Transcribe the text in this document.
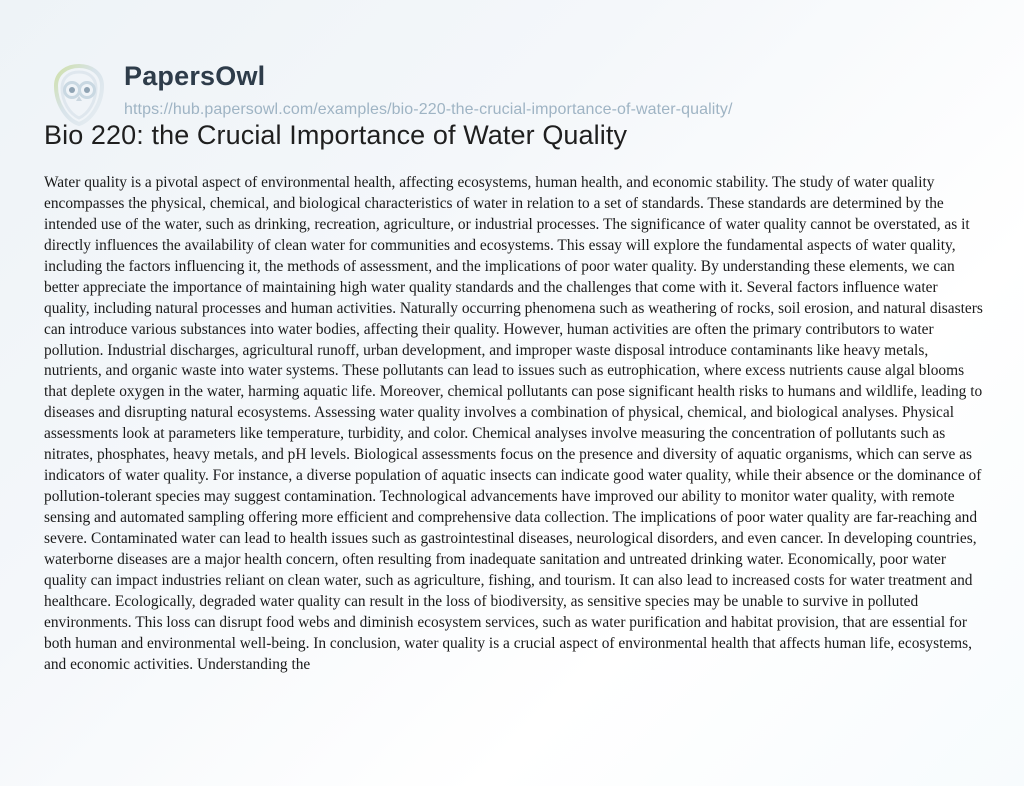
PapersOwl
https://hub.papersowl.com/examples/bio-220-the-crucial-importance-of-water-quality/
Bio 220: the Crucial Importance of Water Quality
Water quality is a pivotal aspect of environmental health, affecting ecosystems, human health, and economic stability. The study of water quality encompasses the physical, chemical, and biological characteristics of water in relation to a set of standards. These standards are determined by the intended use of the water, such as drinking, recreation, agriculture, or industrial processes. The significance of water quality cannot be overstated, as it directly influences the availability of clean water for communities and ecosystems. This essay will explore the fundamental aspects of water quality, including the factors influencing it, the methods of assessment, and the implications of poor water quality. By understanding these elements, we can better appreciate the importance of maintaining high water quality standards and the challenges that come with it. Several factors influence water quality, including natural processes and human activities. Naturally occurring phenomena such as weathering of rocks, soil erosion, and natural disasters can introduce various substances into water bodies, affecting their quality. However, human activities are often the primary contributors to water pollution. Industrial discharges, agricultural runoff, urban development, and improper waste disposal introduce contaminants like heavy metals, nutrients, and organic waste into water systems. These pollutants can lead to issues such as eutrophication, where excess nutrients cause algal blooms that deplete oxygen in the water, harming aquatic life. Moreover, chemical pollutants can pose significant health risks to humans and wildlife, leading to diseases and disrupting natural ecosystems. Assessing water quality involves a combination of physical, chemical, and biological analyses. Physical assessments look at parameters like temperature, turbidity, and color. Chemical analyses involve measuring the concentration of pollutants such as nitrates, phosphates, heavy metals, and pH levels. Biological assessments focus on the presence and diversity of aquatic organisms, which can serve as indicators of water quality. For instance, a diverse population of aquatic insects can indicate good water quality, while their absence or the dominance of pollution-tolerant species may suggest contamination. Technological advancements have improved our ability to monitor water quality, with remote sensing and automated sampling offering more efficient and comprehensive data collection. The implications of poor water quality are far-reaching and severe. Contaminated water can lead to health issues such as gastrointestinal diseases, neurological disorders, and even cancer. In developing countries, waterborne diseases are a major health concern, often resulting from inadequate sanitation and untreated drinking water. Economically, poor water quality can impact industries reliant on clean water, such as agriculture, fishing, and tourism. It can also lead to increased costs for water treatment and healthcare. Ecologically, degraded water quality can result in the loss of biodiversity, as sensitive species may be unable to survive in polluted environments. This loss can disrupt food webs and diminish ecosystem services, such as water purification and habitat provision, that are essential for both human and environmental well-being. In conclusion, water quality is a crucial aspect of environmental health that affects human life, ecosystems, and economic activities. Understanding the
